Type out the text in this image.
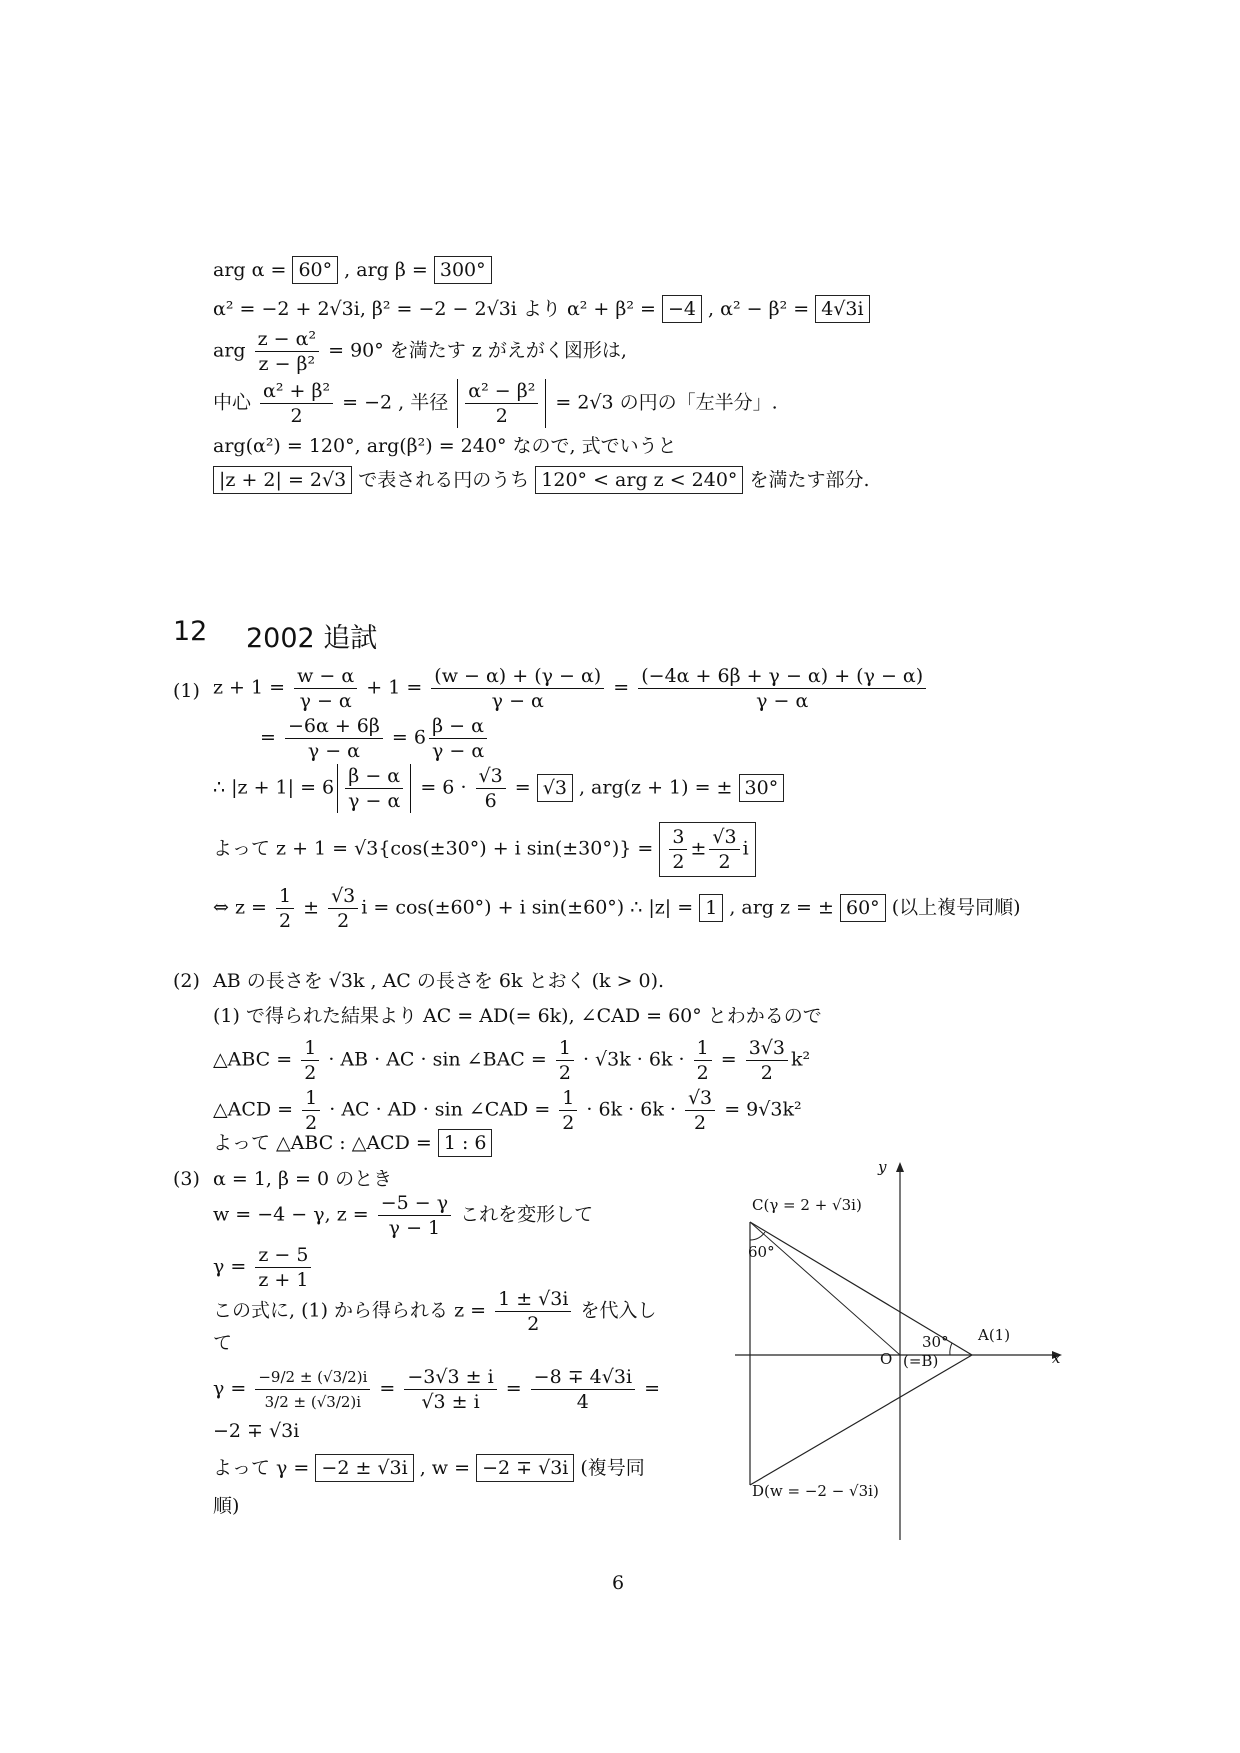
arg α = 60° , arg β = 300°
α² = −2 + 2√3i, β² = −2 − 2√3i より α² + β² = −4 , α² − β² = 4√3i
arg $\frac{\text{z − α²}}{\text{z − β²}} = 90^\circ$ を満たす z がえがく図形は,
中心 $\frac{\text{α² + β²}}{2} = -2$ , 半径 $\frac{\text{α² − β²}}{2} = 2√3$ の円の「左半分」.
arg(α²) = 120°, arg(β²) = 240° なので, 式でいうと
|z + 2| = 2√3 で表される円のうち 120° < arg z < 240° を満たす部分.
12 2002 追試
(1) $z + 1 = \frac{w - \alpha}{\gamma - \alpha} + 1 = \frac{(w - \alpha) + (\gamma - \alpha)}{\gamma - \alpha} = \frac{(-4\alpha + 6\beta + \gamma - \alpha) + (\gamma - \alpha)}{\gamma - \alpha}$
= $\frac{-6\alpha + 6\beta}{\gamma - \alpha} = 6 \frac{\beta - \alpha}{\gamma - \alpha}$
∴ $|z + 1| = 6 \frac{\beta - \alpha}{\gamma - \alpha} = 6 \cdot \frac{√3}{6} = √3$ , arg(z + 1) = ± 30°
よって z + 1 = √3{cos(±30°) + i $\sin(\pm 30^\circ)\} = \frac{3}{2} \pm \frac{√3}{2}$ i
⇔ $z = \frac{1}{2} \pm \frac{√3}{2}$ i = cos(±60°) + i sin(±60°) ∴ |z| = 1 , arg z = ± 60° (以上複号同順)
(2) AB の長さを √3k , AC の長さを 6k とおく (k > 0).
(1) で得られた結果より AC = AD(= 6k), ∠CAD = 60° とわかるので
△ABC = $\frac{1}{2}$ · AB · AC · sin ∠BAC = $\frac{1}{2} \cdot √3k \cdot 6k \cdot \frac{1}{2} = \frac{3√3}{2} k^2$
△ACD = $\frac{1}{2}$ · AC · AD · sin ∠CAD = $\frac{1}{2} \cdot 6k \cdot 6k \cdot \frac{√3}{2} = 9√3k^2$
よって △ABC : △ACD = 1 : 6
(3) α = 1, β = 0 のとき
w = −4 − γ, $z = \frac{-5 - \gamma}{\gamma - 1}$ これを変形して
$\gamma = \frac{z - 5}{z + 1}$
この式に, (1) から得られる $z = \frac{1 \pm √3i}{2}$ を代入し
て
$\gamma = \frac{-9/2 \pm (√3/2)i}{3/2 \pm (√3/2)i} = \frac{-3√3 \pm i}{√3 \pm i} = \frac{-8 \mp 4√3i}{4}$ =
−2 ∓ √3i
よって γ = −2 ± √3i , w = −2 ∓ √3i (複号同
順)
y
x
C(γ = 2 + √3i)
60°
30° A(1)
O (=B)
D(w = −2 − √3i)
6
